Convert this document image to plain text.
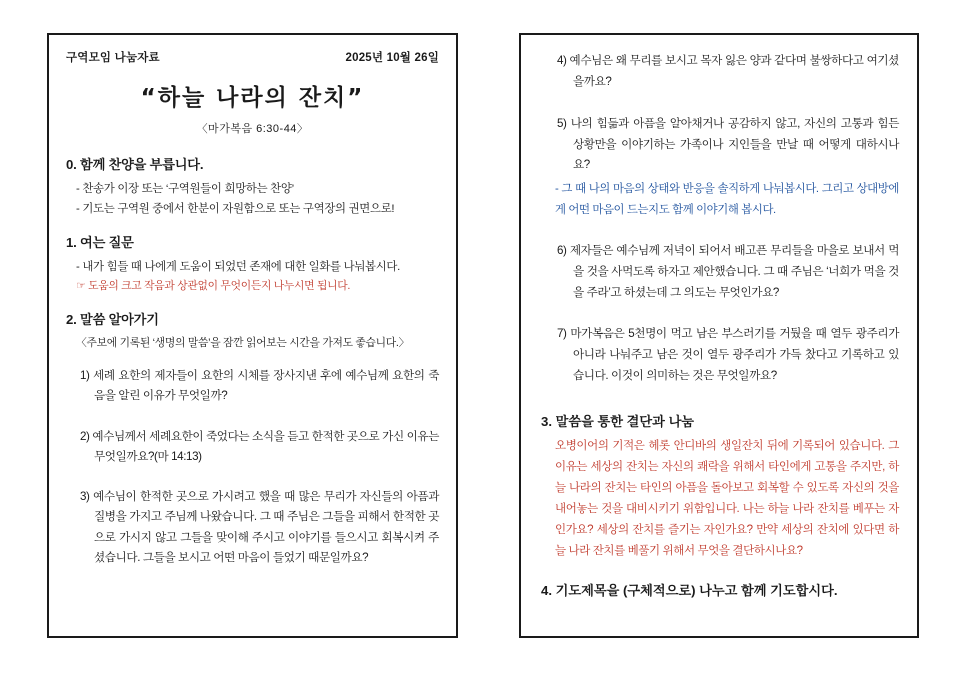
구역모임 나눔자료	2025년 10월 26일
“하늘 나라의 잔치”
〈마가복음 6:30-44〉
0. 함께 찬양을 부릅니다.
- 찬송가 이장 또는 ‘구역원들이 희망하는 찬양’
- 기도는 구역원 중에서 한분이 자원함으로 또는 구역장의 권면으로!
1. 여는 질문
- 내가 힘들 때 나에게 도움이 되었던 존재에 대한 일화를 나눠봅시다.
☞ 도움의 크고 작음과 상관없이 무엇이든지 나누시면 됩니다.
2. 말씀 알아가기
〈주보에 기록된 ‘생명의 말씀’을 잠깐 읽어보는 시간을 가져도 좋습니다.〉
1) 세례 요한의 제자들이 요한의 시체를 장사지낸 후에 예수님께 요한의 죽음을 알린 이유가 무엇일까?
2) 예수님께서 세례요한이 죽었다는 소식을 듣고 한적한 곳으로 가신 이유는 무엇일까요?(마 14:13)
3) 예수님이 한적한 곳으로 가시려고 했을 때 많은 무리가 자신들의 아픔과 질병을 가지고 주님께 나왔습니다. 그 때 주님은 그들을 피해서 한적한 곳으로 가시지 않고 그들을 맞이해 주시고 이야기를 들으시고 회복시켜 주셨습니다. 그들을 보시고 어떤 마음이 들었기 때문일까요?
4) 예수님은 왜 무리를 보시고 목자 잃은 양과 같다며 불쌍하다고 여기셨을까요?
5) 나의 힘듦과 아픔을 알아채거나 공감하지 않고, 자신의 고통과 힘든 상황만을 이야기하는 가족이나 지인들을 만날 때 어떻게 대하시나요?
- 그 때 나의 마음의 상태와 반응을 솔직하게 나눠봅시다. 그리고 상대방에게 어떤 마음이 드는지도 함께 이야기해 봅시다.
6) 제자들은 예수님께 저녁이 되어서 배고픈 무리들을 마을로 보내서 먹을 것을 사먹도록 하자고 제안했습니다. 그 때 주님은 ‘너희가 먹을 것을 주라’고 하셨는데 그 의도는 무엇인가요?
7) 마가복음은 5천명이 먹고 남은 부스러기를 거뒀을 때 열두 광주리가 아니라 나눠주고 남은 것이 열두 광주리가 가득 찼다고 기록하고 있습니다. 이것이 의미하는 것은 무엇일까요?
3. 말씀을 통한 결단과 나눔
오병이어의 기적은 헤롯 안디바의 생일잔치 뒤에 기록되어 있습니다. 그 이유는 세상의 잔치는 자신의 쾌락을 위해서 타인에게 고통을 주지만, 하늘 나라의 잔치는 타인의 아픔을 돌아보고 회복할 수 있도록 자신의 것을 내어놓는 것을 대비시키기 위함입니다. 나는 하늘 나라 잔치를 베푸는 자인가요? 세상의 잔치를 즐기는 자인가요? 만약 세상의 잔치에 있다면 하늘 나라 잔치를 베풀기 위해서 무엇을 결단하시나요?
4. 기도제목을 (구체적으로) 나누고 함께 기도합시다.
